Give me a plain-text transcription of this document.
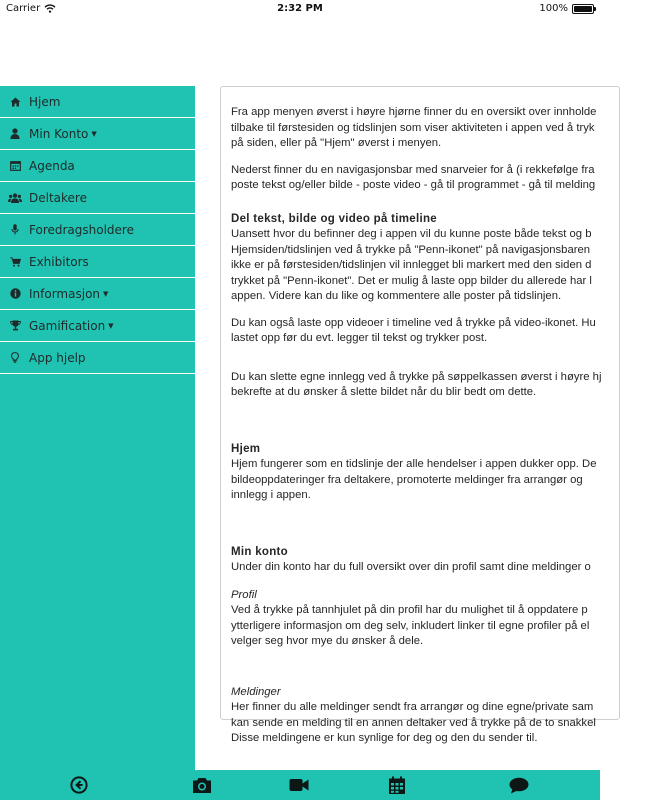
Carrier	2:32 PM	100%
Hjem
Min Konto ▼
Agenda
Deltakere
Foredragsholdere
Exhibitors
Informasjon ▼
Gamification ▼
App hjelp

Fra app menyen øverst i høyre hjørne finner du en oversikt over innholde
tilbake til førstesiden og tidslinjen som viser aktiviteten i appen ved å tryk
på siden, eller på "Hjem" øverst i menyen.

Nederst finner du en navigasjonsbar med snarveier for å (i rekkefølge fra
poste tekst og/eller bilde - poste video - gå til programmet - gå til melding

Del tekst, bilde og video på timeline

Uansett hvor du befinner deg i appen vil du kunne poste både tekst og b
Hjemsiden/tidslinjen ved å trykke på "Penn-ikonet" på navigasjonsbaren
ikke er på førstesiden/tidslinjen vil innlegget bli markert med den siden d
trykket på "Penn-ikonet". Det er mulig å laste opp bilder du allerede har l
appen. Videre kan du like og kommentere alle poster på tidslinjen.

Du kan også laste opp videoer i timeline ved å trykke på video-ikonet. Hu
lastet opp før du evt. legger til tekst og trykker post.

Du kan slette egne innlegg ved å trykke på søppelkassen øverst i høyre hj
bekrefte at du ønsker å slette bildet når du blir bedt om dette.

Hjem

Hjem fungerer som en tidslinje der alle hendelser i appen dukker opp. De
bildeoppdateringer fra deltakere, promoterte meldinger fra arrangør og
innlegg i appen.

Min konto

Under din konto har du full oversikt over din profil samt dine meldinger o

Profil

Ved å trykke på tannhjulet på din profil har du mulighet til å oppdatere p
ytterligere informasjon om deg selv, inkludert linker til egne profiler på el
velger seg hvor mye du ønsker å dele.

Meldinger

Her finner du alle meldinger sendt fra arrangør og dine egne/private sam
kan sende en melding til en annen deltaker ved å trykke på de to snakkel
Disse meldingene er kun synlige for deg og den du sender til.
